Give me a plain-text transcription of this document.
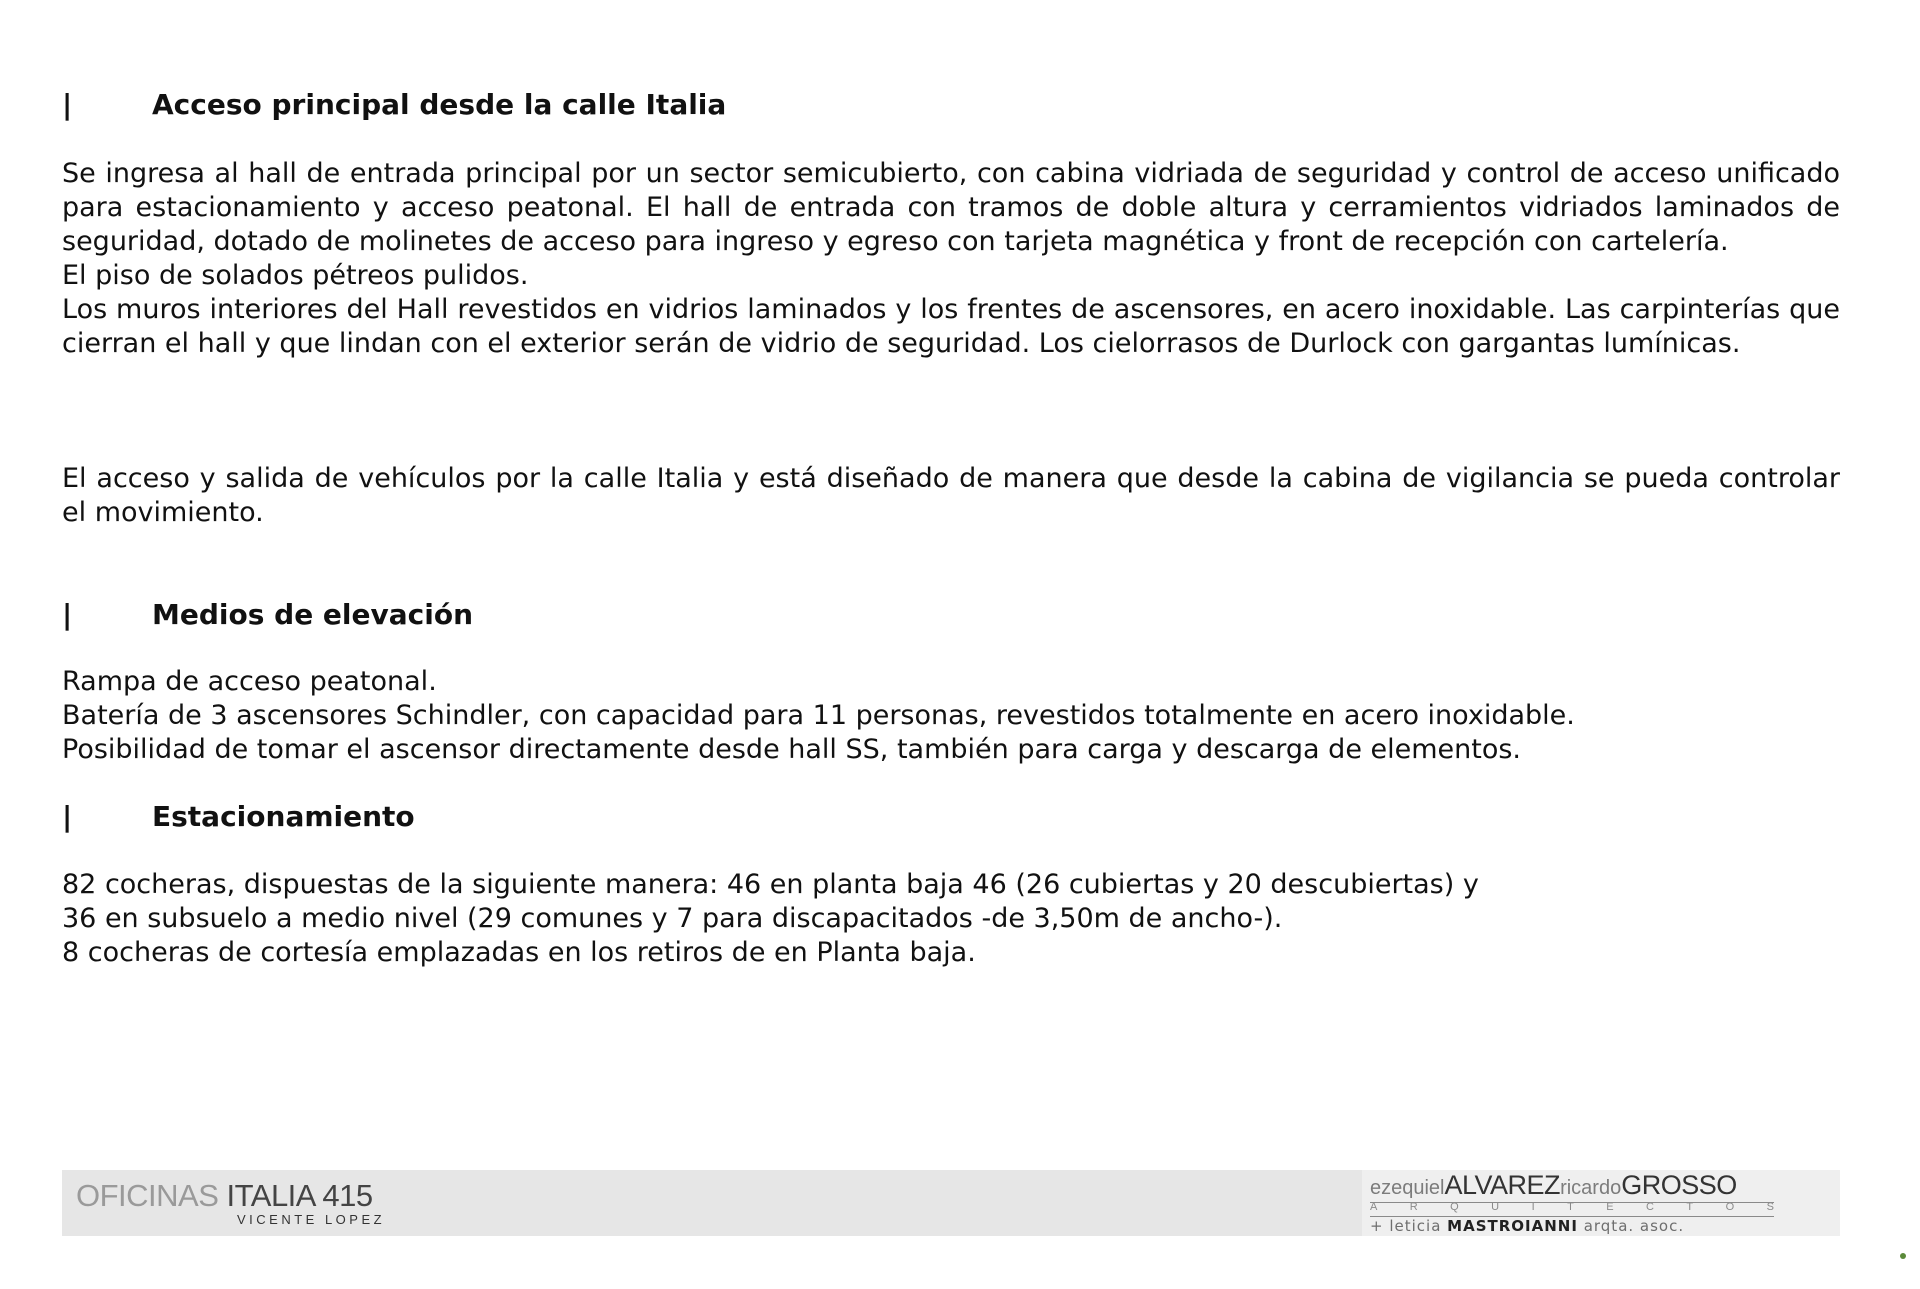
|	Acceso principal desde la calle Italia

Se ingresa al hall de entrada principal por un sector semicubierto, con cabina vidriada de seguridad y control de acceso unificado para estacionamiento y acceso peatonal. El hall de entrada con tramos de doble altura y cerramientos vidriados laminados de seguridad, dotado de molinetes de acceso para ingreso y egreso con tarjeta magnética y front de recepción con cartelería.

El piso de solados pétreos pulidos.

Los muros interiores del Hall revestidos en vidrios laminados y los frentes de ascensores, en acero inoxidable. Las carpinterías que cierran el hall y que lindan con el exterior serán de vidrio de seguridad. Los cielorrasos de Durlock con gargantas lumínicas.

El acceso y salida de vehículos por la calle Italia y está diseñado de manera que desde la cabina de vigilancia se pueda controlar el movimiento.

|	Medios de elevación

Rampa de acceso peatonal.

Batería de 3 ascensores Schindler, con capacidad para 11 personas, revestidos totalmente en acero inoxidable.

Posibilidad de tomar el ascensor directamente desde hall SS, también para carga y descarga de elementos.

|	Estacionamiento

82 cocheras, dispuestas de la siguiente manera: 46 en planta baja 46 (26 cubiertas y 20 descubiertas) y

36 en subsuelo a medio nivel (29 comunes y 7 para discapacitados -de 3,50m de ancho-).

8 cocheras de cortesía emplazadas en los retiros de en Planta baja.

OFICINAS ITALIA 415
VICENTE LOPEZ
ezequielALVAREZricardoGROSSO
A	R	Q	U	I	T	E	C	T	O	S
+ leticia MASTROIANNI arqta. asoc.
